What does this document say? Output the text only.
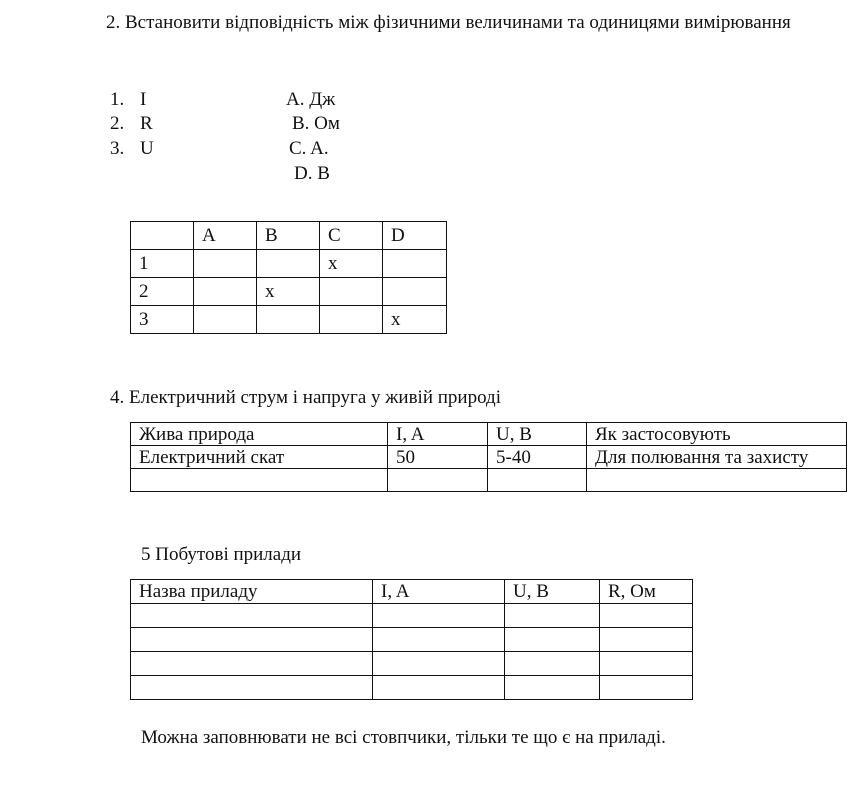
2. Встановити відповідність між фізичними величинами та одиницями вимірювання
1. I
2. R
3. U
A. Дж
B. Ом
C. A.
D. B
	A	B	C	D
1			x	
2		x		
3				x
4. Електричний струм і напруга у живій природі
Жива природа	I, A	U, B	Як застосовують
Електричний скат	50	5-40	Для полювання та захисту

5 Побутові прилади
Назва приладу	I, A	U, B	R, Ом

Можна заповнювати не всі стовпчики, тільки те що є на приладі.
